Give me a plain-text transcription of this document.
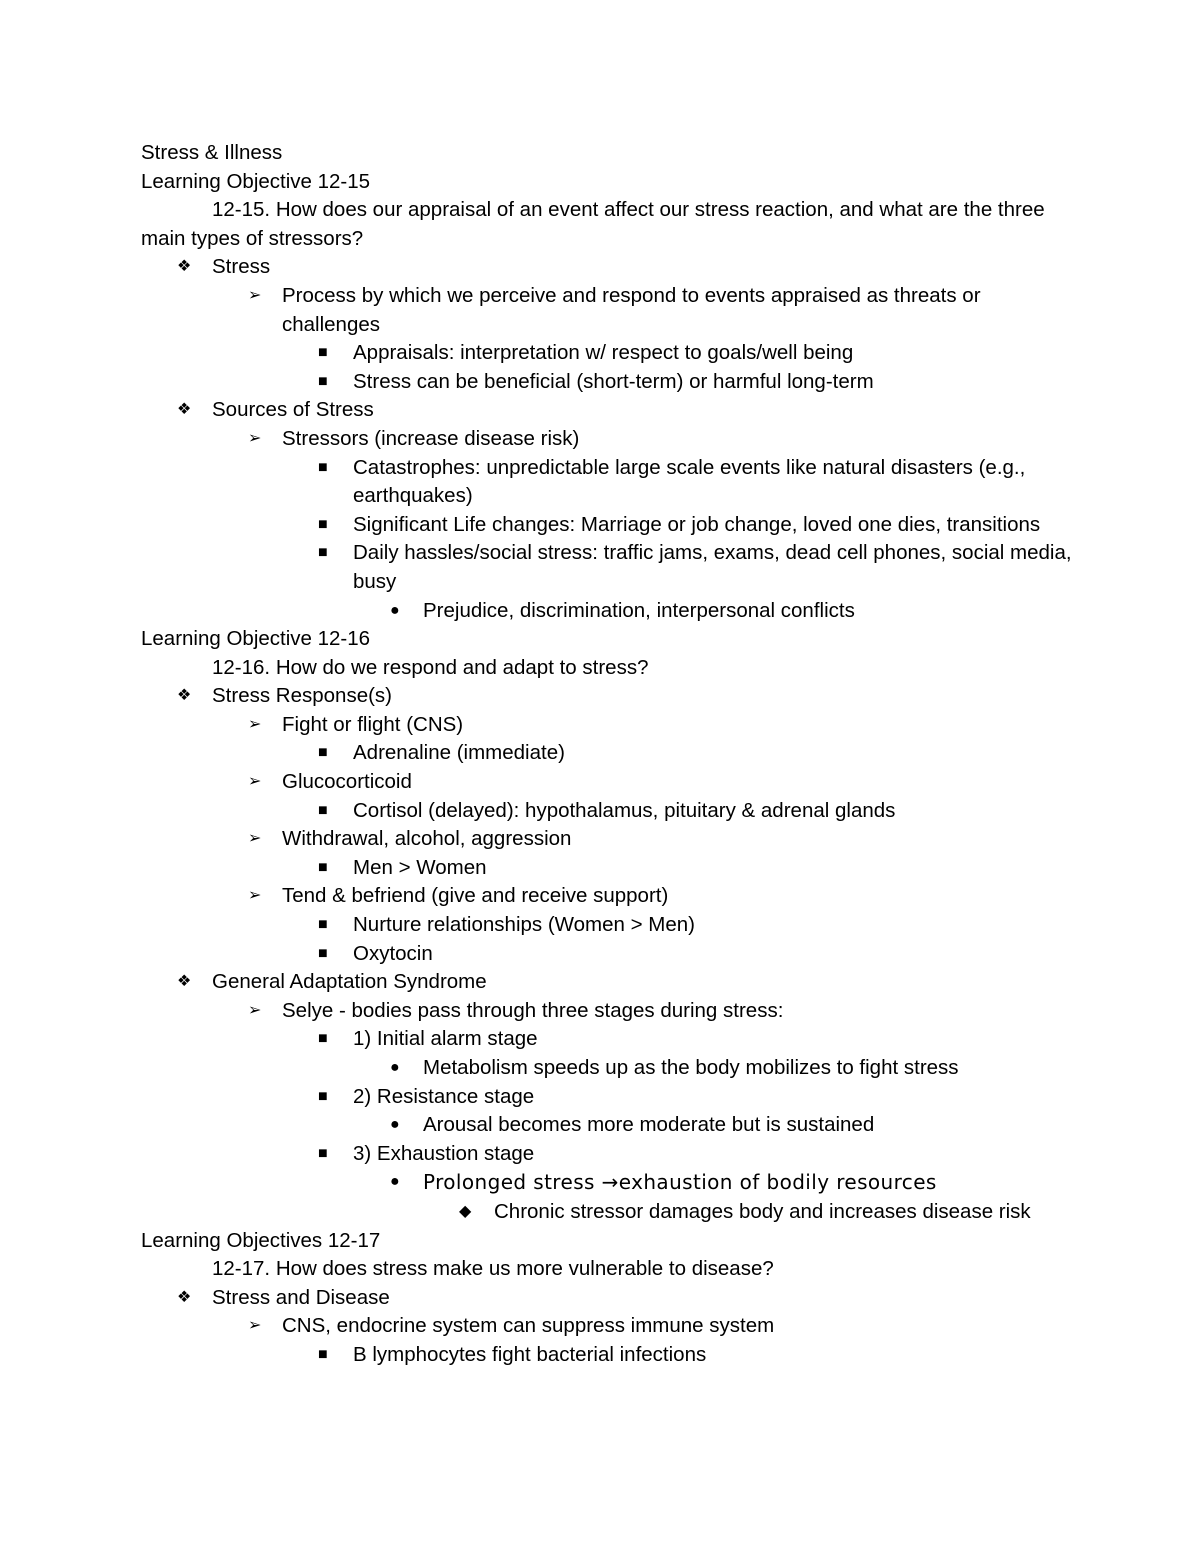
Stress & Illness
Learning Objective 12-15
12-15. How does our appraisal of an event affect our stress reaction, and what are the three main types of stressors?
❖ Stress
➢ Process by which we perceive and respond to events appraised as threats or challenges
■ Appraisals: interpretation w/ respect to goals/well being
■ Stress can be beneficial (short-term) or harmful long-term
❖ Sources of Stress
➢ Stressors (increase disease risk)
■ Catastrophes: unpredictable large scale events like natural disasters (e.g., earthquakes)
■ Significant Life changes: Marriage or job change, loved one dies, transitions
■ Daily hassles/social stress: traffic jams, exams, dead cell phones, social media, busy
● Prejudice, discrimination, interpersonal conflicts
Learning Objective 12-16
12-16. How do we respond and adapt to stress?
❖ Stress Response(s)
➢ Fight or flight (CNS)
■ Adrenaline (immediate)
➢ Glucocorticoid
■ Cortisol (delayed): hypothalamus, pituitary & adrenal glands
➢ Withdrawal, alcohol, aggression
■ Men > Women
➢ Tend & befriend (give and receive support)
■ Nurture relationships (Women > Men)
■ Oxytocin
❖ General Adaptation Syndrome
➢ Selye - bodies pass through three stages during stress:
■ 1) Initial alarm stage
● Metabolism speeds up as the body mobilizes to fight stress
■ 2) Resistance stage
● Arousal becomes more moderate but is sustained
■ 3) Exhaustion stage
● Prolonged stress →exhaustion of bodily resources
◆ Chronic stressor damages body and increases disease risk
Learning Objectives 12-17
12-17. How does stress make us more vulnerable to disease?
❖ Stress and Disease
➢ CNS, endocrine system can suppress immune system
■ B lymphocytes fight bacterial infections
